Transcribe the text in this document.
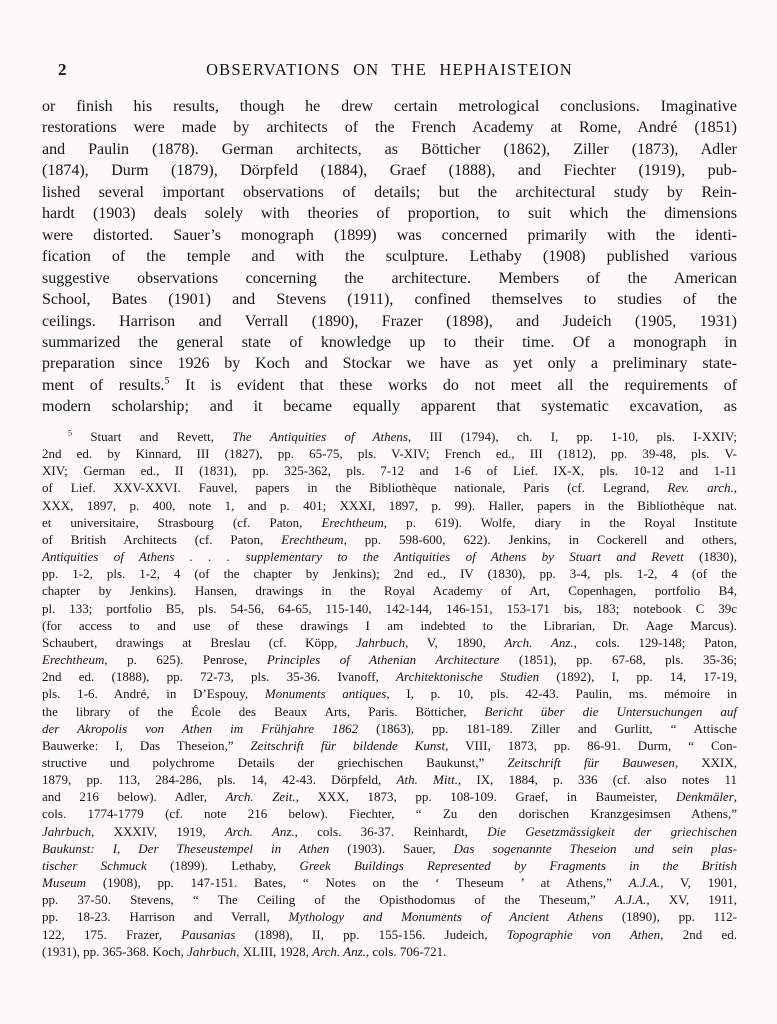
2	OBSERVATIONS ON THE HEPHAISTEION
or finish his results, though he drew certain metrological conclusions. Imaginative
restorations were made by architects of the French Academy at Rome, André (1851)
and Paulin (1878). German architects, as Bötticher (1862), Ziller (1873), Adler
(1874), Durm (1879), Dörpfeld (1884), Graef (1888), and Fiechter (1919), pub-
lished several important observations of details; but the architectural study by Rein-
hardt (1903) deals solely with theories of proportion, to suit which the dimensions
were distorted. Sauer’s monograph (1899) was concerned primarily with the identi-
fication of the temple and with the sculpture. Lethaby (1908) published various
suggestive observations concerning the architecture. Members of the American
School, Bates (1901) and Stevens (1911), confined themselves to studies of the
ceilings. Harrison and Verrall (1890), Frazer (1898), and Judeich (1905, 1931)
summarized the general state of knowledge up to their time. Of a monograph in
preparation since 1926 by Koch and Stockar we have as yet only a preliminary state-
ment of results.$^5$ It is evident that these works do not meet all the requirements of
modern scholarship; and it became equally apparent that systematic excavation, as
$^5$ Stuart and Revett, The Antiquities of Athens, III (1794), ch. I, pp. 1-10, pls. I-XXIV;
2nd ed. by Kinnard, III (1827), pp. 65-75, pls. V-XIV; French ed., III (1812), pp. 39-48, pls. V-
XIV; German ed., II (1831), pp. 325-362, pls. 7-12 and 1-6 of Lief. IX-X, pls. 10-12 and 1-11
of Lief. XXV-XXVI. Fauvel, papers in the Bibliothèque nationale, Paris (cf. Legrand, Rev. arch.,
XXX, 1897, p. 400, note 1, and p. 401; XXXI, 1897, p. 99). Haller, papers in the Bibliothèque nat.
et universitaire, Strasbourg (cf. Paton, Erechtheum, p. 619). Wolfe, diary in the Royal Institute
of British Architects (cf. Paton, Erechtheum, pp. 598-600, 622). Jenkins, in Cockerell and others,
Antiquities of Athens . . . supplementary to the Antiquities of Athens by Stuart and Revett (1830),
pp. 1-2, pls. 1-2, 4 (of the chapter by Jenkins); 2nd ed., IV (1830), pp. 3-4, pls. 1-2, 4 (of the
chapter by Jenkins). Hansen, drawings in the Royal Academy of Art, Copenhagen, portfolio B4,
pl. 133; portfolio B5, pls. 54-56, 64-65, 115-140, 142-144, 146-151, 153-171 bis, 183; notebook C 39c
(for access to and use of these drawings I am indebted to the Librarian, Dr. Aage Marcus).
Schaubert, drawings at Breslau (cf. Köpp, Jahrbuch, V, 1890, Arch. Anz., cols. 129-148; Paton,
Erechtheum, p. 625). Penrose, Principles of Athenian Architecture (1851), pp. 67-68, pls. 35-36;
2nd ed. (1888), pp. 72-73, pls. 35-36. Ivanoff, Architektonische Studien (1892), I, pp. 14, 17-19,
pls. 1-6. André, in D’Espouy, Monuments antiques, I, p. 10, pls. 42-43. Paulin, ms. mémoire in
the library of the École des Beaux Arts, Paris. Bötticher, Bericht über die Untersuchungen auf
der Akropolis von Athen im Frühjahre 1862 (1863), pp. 181-189. Ziller and Gurlitt, “ Attische
Bauwerke: I, Das Theseion,” Zeitschrift für bildende Kunst, VIII, 1873, pp. 86-91. Durm, “ Con-
structive und polychrome Details der griechischen Baukunst,” Zeitschrift für Bauwesen, XXIX,
1879, pp. 113, 284-286, pls. 14, 42-43. Dörpfeld, Ath. Mitt., IX, 1884, p. 336 (cf. also notes 11
and 216 below). Adler, Arch. Zeit., XXX, 1873, pp. 108-109. Graef, in Baumeister, Denkmäler,
cols. 1774-1779 (cf. note 216 below). Fiechter, “ Zu den dorischen Kranzgesimsen Athens,”
Jahrbuch, XXXIV, 1919, Arch. Anz., cols. 36-37. Reinhardt, Die Gesetzmässigkeit der griechischen
Baukunst: I, Der Theseustempel in Athen (1903). Sauer, Das sogenannte Theseion und sein plas-
tischer Schmuck (1899). Lethaby, Greek Buildings Represented by Fragments in the British
Museum (1908), pp. 147-151. Bates, “ Notes on the ‘ Theseum ’ at Athens,” A.J.A., V, 1901,
pp. 37-50. Stevens, “ The Ceiling of the Opisthodomus of the Theseum,” A.J.A., XV, 1911,
pp. 18-23. Harrison and Verrall, Mythology and Monuments of Ancient Athens (1890), pp. 112-
122, 175. Frazer, Pausanias (1898), II, pp. 155-156. Judeich, Topographie von Athen, 2nd ed.
(1931), pp. 365-368. Koch, Jahrbuch, XLIII, 1928, Arch. Anz., cols. 706-721.
